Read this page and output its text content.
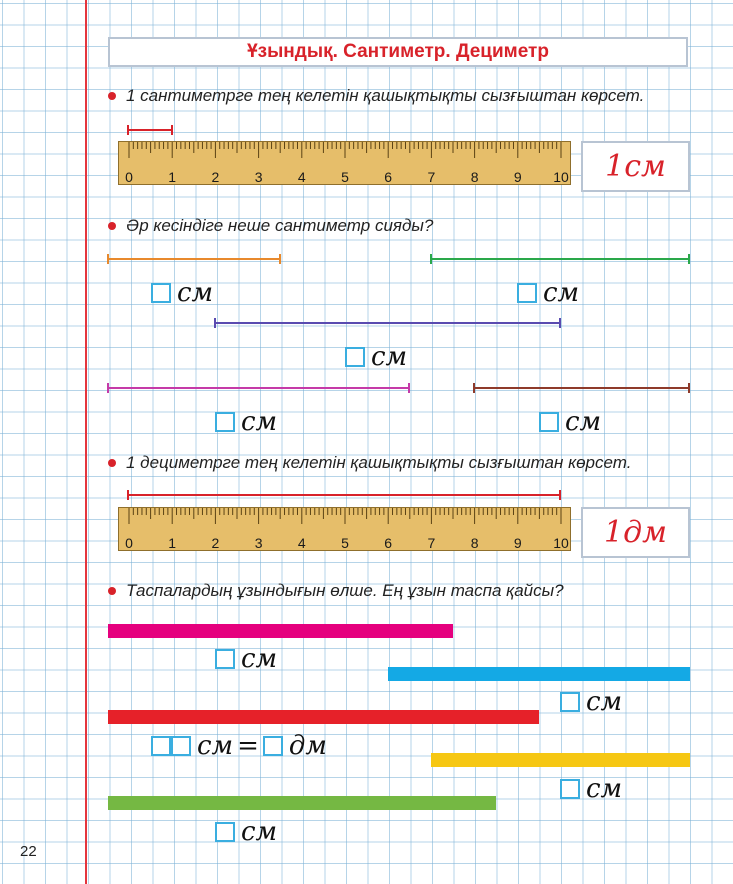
Ұзындық. Сантиметр. Дециметр
1 сантиметрге тең келетін қашықтықты сызғыштан көрсет.
0	1	2	3	4	5	6	7	8	9 10 1см
Әр кесіндіге неше сантиметр сияды?
см	см
см
см	см
1 дециметрге тең келетін қашықтықты сызғыштан көрсет.
0	1	2	3	4	5	6	7	8	9 10 1дм
Таспалардың ұзындығын өлше. Ең ұзын таспа қайсы?
см
см
см = дм
см
см
22
